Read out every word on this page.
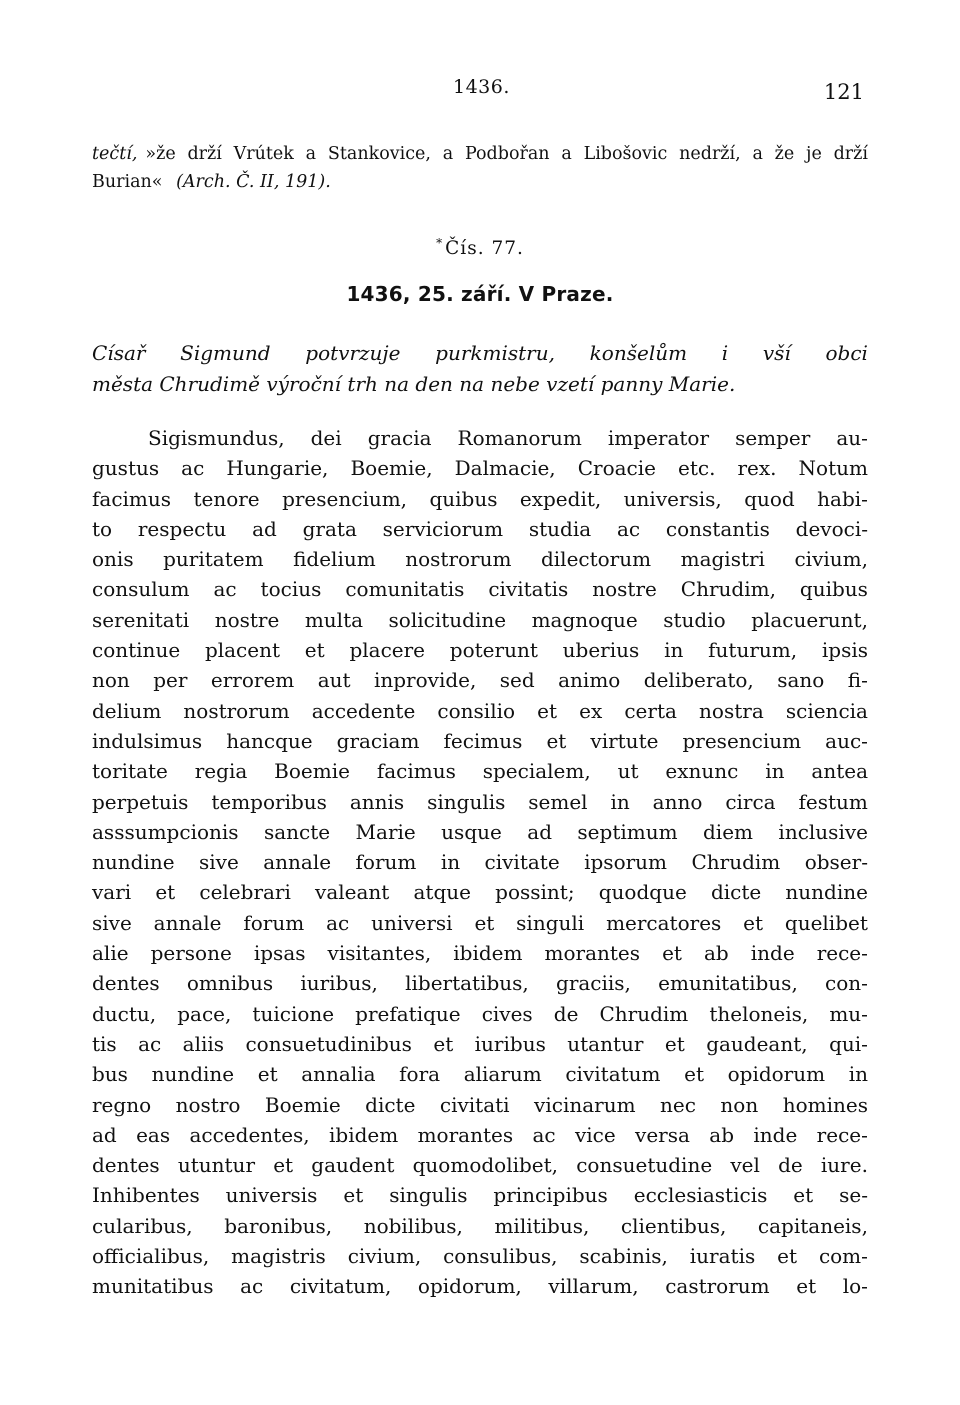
1436.	121
tečtí, »že drží Vrútek a Stankovice, a Podbořan a Libošovic nedrží, a že je drží
Burian« (Arch. Č. II, 191).
* Čís. 77.
1436, 25. září. V Praze.
Císař Sigmund potvrzuje purkmistru, konšelům i vší obci
města Chrudimě výroční trh na den na nebe vzetí panny Marie.
Sigismundus, dei gracia Romanorum imperator semper au-
gustus ac Hungarie, Boemie, Dalmacie, Croacie etc. rex. Notum
facimus tenore presencium, quibus expedit, universis, quod habi-
to respectu ad grata serviciorum studia ac constantis devoci-
onis puritatem fidelium nostrorum dilectorum magistri civium,
consulum ac tocius comunitatis civitatis nostre Chrudim, quibus
serenitati nostre multa solicitudine magnoque studio placuerunt,
continue placent et placere poterunt uberius in futurum, ipsis
non per errorem aut inprovide, sed animo deliberato, sano fi-
delium nostrorum accedente consilio et ex certa nostra sciencia
indulsimus hancque graciam fecimus et virtute presencium auc-
toritate regia Boemie facimus specialem, ut exnunc in antea
perpetuis temporibus annis singulis semel in anno circa festum
asssumpcionis sancte Marie usque ad septimum diem inclusive
nundine sive annale forum in civitate ipsorum Chrudim obser-
vari et celebrari valeant atque possint; quodque dicte nundine
sive annale forum ac universi et singuli mercatores et quelibet
alie persone ipsas visitantes, ibidem morantes et ab inde rece-
dentes omnibus iuribus, libertatibus, graciis, emunitatibus, con-
ductu, pace, tuicione prefatique cives de Chrudim theloneis, mu-
tis ac aliis consuetudinibus et iuribus utantur et gaudeant, qui-
bus nundine et annalia fora aliarum civitatum et opidorum in
regno nostro Boemie dicte civitati vicinarum nec non homines
ad eas accedentes, ibidem morantes ac vice versa ab inde rece-
dentes utuntur et gaudent quomodolibet, consuetudine vel de iure.
Inhibentes universis et singulis principibus ecclesiasticis et se-
cularibus, baronibus, nobilibus, militibus, clientibus, capitaneis,
officialibus, magistris civium, consulibus, scabinis, iuratis et com-
munitatibus ac civitatum, opidorum, villarum, castrorum et lo-
